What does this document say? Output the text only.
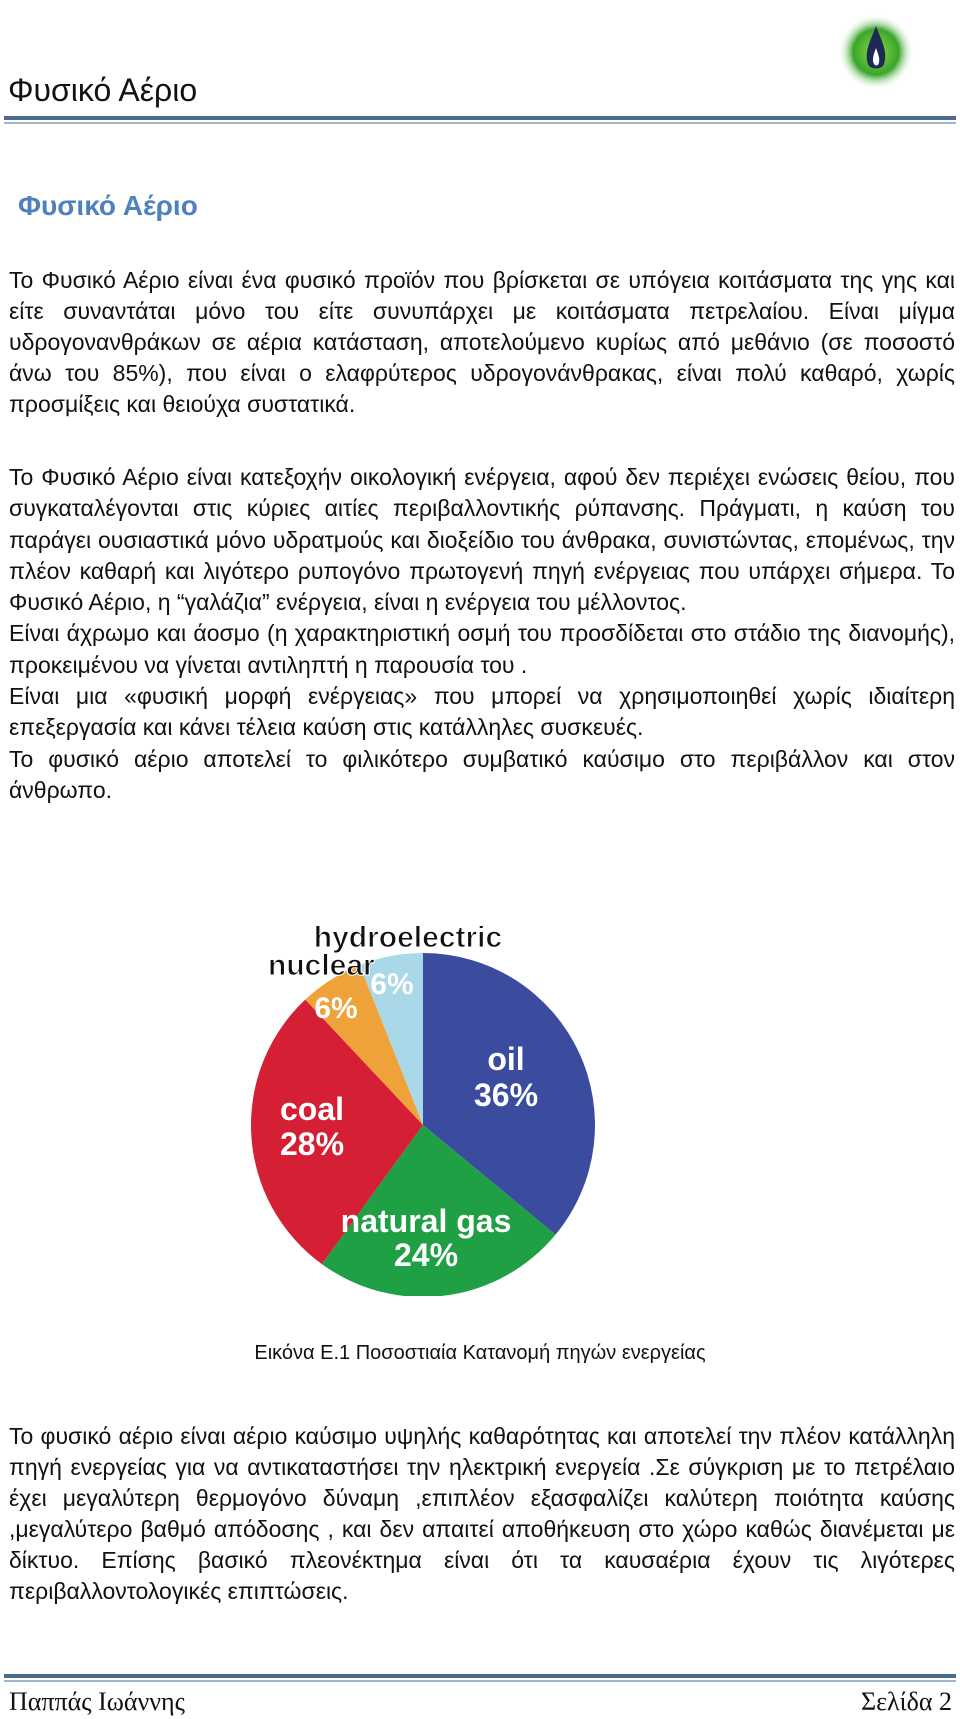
Φυσικό Αέριο
Φυσικό Αέριο

Το Φυσικό Αέριο είναι ένα φυσικό προϊόν που βρίσκεται σε υπόγεια κοιτάσματα της γης και είτε συναντάται μόνο του είτε συνυπάρχει με κοιτάσματα πετρελαίου. Είναι μίγμα υδρογονανθράκων σε αέρια κατάσταση, αποτελούμενο κυρίως από μεθάνιο (σε ποσοστό άνω του 85%), που είναι ο ελαφρύτερος υδρογονάνθρακας, είναι πολύ καθαρό, χωρίς προσμίξεις και θειούχα συστατικά.

Το Φυσικό Αέριο είναι κατεξοχήν οικολογική ενέργεια, αφού δεν περιέχει ενώσεις θείου, που συγκαταλέγονται στις κύριες αιτίες περιβαλλοντικής ρύπανσης. Πράγματι, η καύση του παράγει ουσιαστικά μόνο υδρατμούς και διοξείδιο του άνθρακα, συνιστώντας, επομένως, την πλέον καθαρή και λιγότερο ρυπογόνο πρωτογενή πηγή ενέργειας που υπάρχει σήμερα. Το Φυσικό Αέριο, η “γαλάζια” ενέργεια, είναι η ενέργεια του μέλλοντος.
Είναι άχρωμο και άοσμο (η χαρακτηριστική οσμή του προσδίδεται στο στάδιο της διανομής), προκειμένου να γίνεται αντιληπτή η παρουσία του .
Είναι μια «φυσική μορφή ενέργειας» που μπορεί να χρησιμοποιηθεί χωρίς ιδιαίτερη επεξεργασία και κάνει τέλεια καύση στις κατάλληλες συσκευές.
Το φυσικό αέριο αποτελεί το φιλικότερο συμβατικό καύσιμο στο περιβάλλον και στον άνθρωπο.
oil
36%
natural gas
24%
coal
28%
nuclear
6%
hydroelectric
6%
Εικόνα Ε.1 Ποσοστιαία Κατανομή πηγών ενεργείας

Το φυσικό αέριο είναι αέριο καύσιμο υψηλής καθαρότητας και αποτελεί την πλέον κατάλληλη πηγή ενεργείας για να αντικαταστήσει την ηλεκτρική ενεργεία .Σε σύγκριση με το πετρέλαιο έχει μεγαλύτερη θερμογόνο δύναμη ,επιπλέον εξασφαλίζει καλύτερη ποιότητα καύσης ,μεγαλύτερο βαθμό απόδοσης , και δεν απαιτεί αποθήκευση στο χώρο καθώς διανέμεται με δίκτυο. Επίσης βασικό πλεονέκτημα είναι ότι τα καυσαέρια έχουν τις λιγότερες περιβαλλοντολογικές επιπτώσεις.

Παππάς Ιωάννης	Σελίδα 2
